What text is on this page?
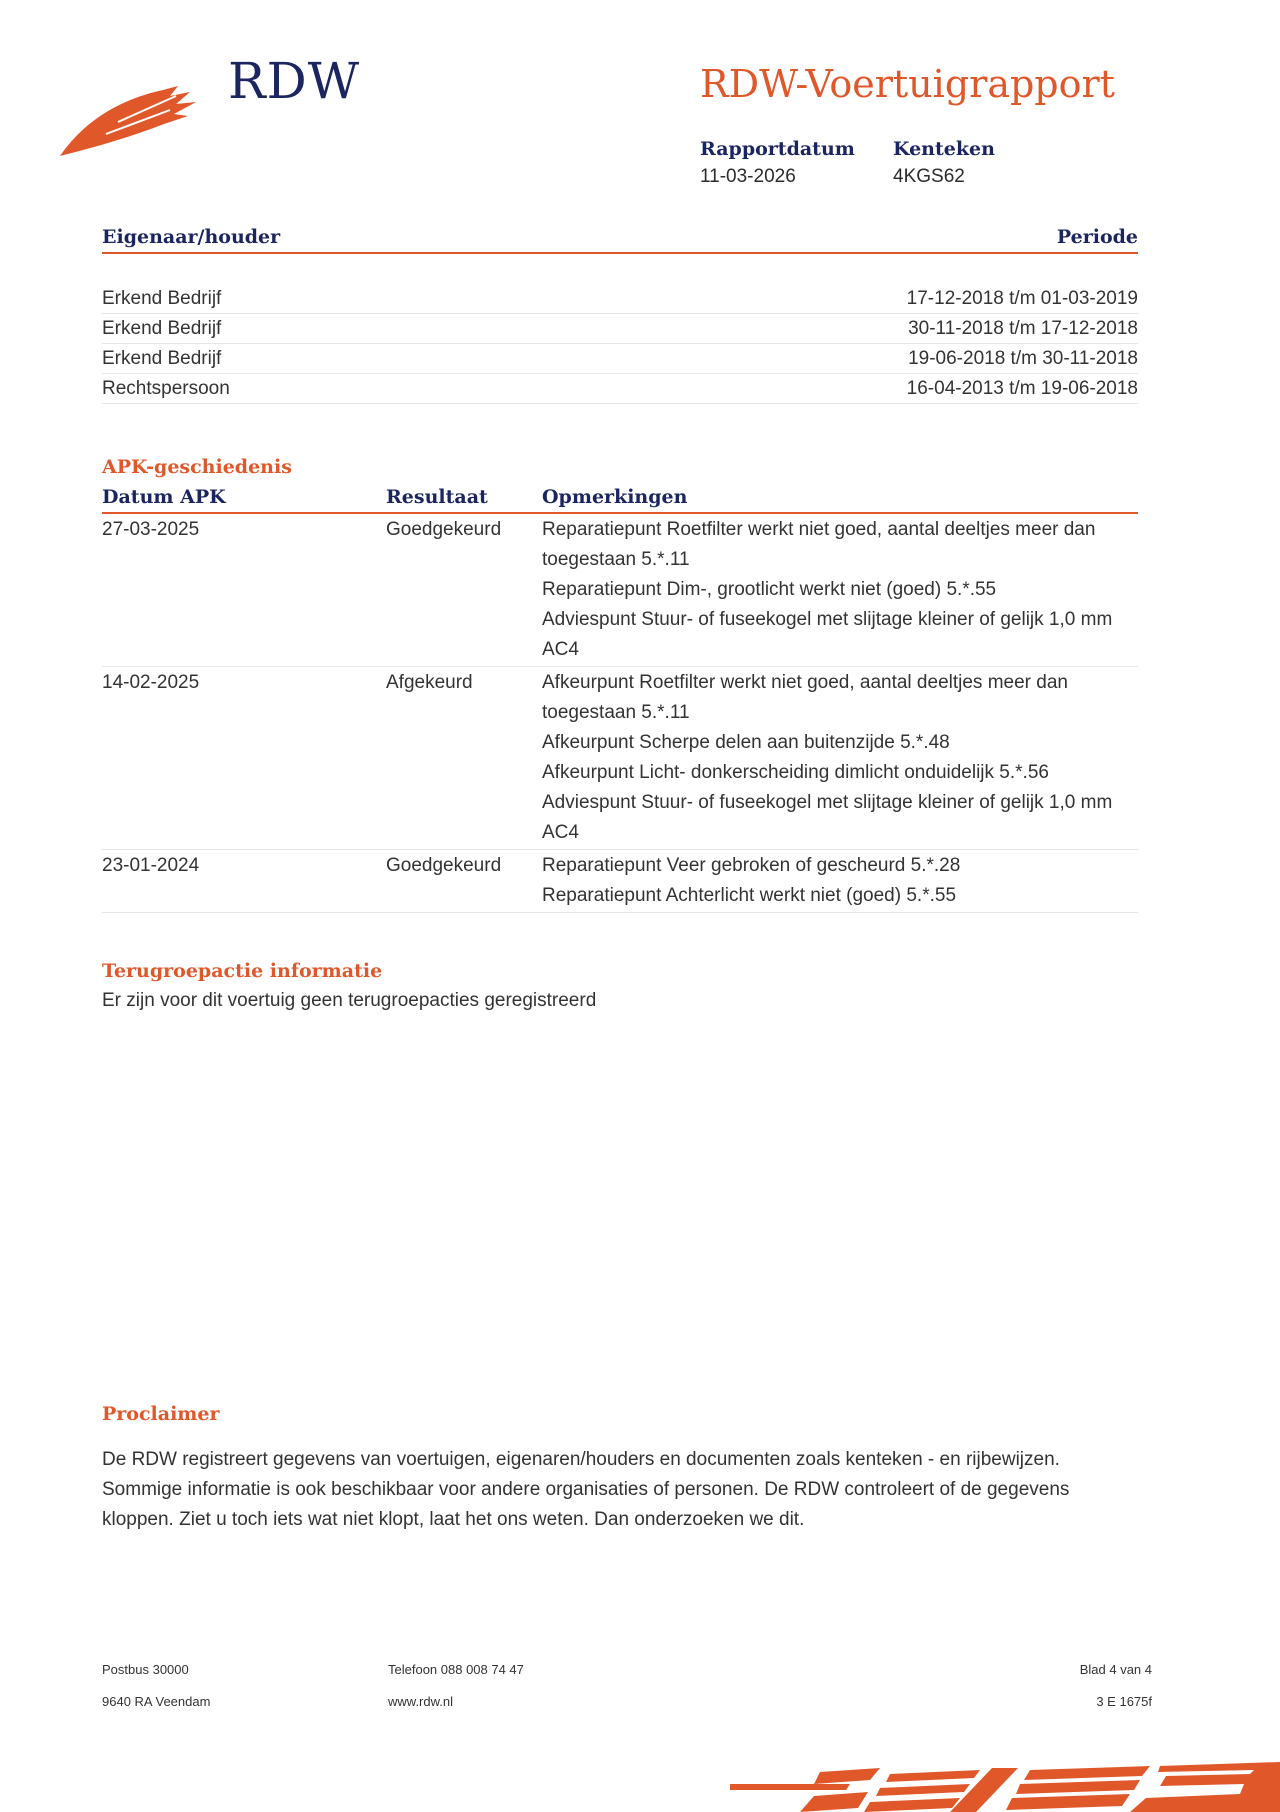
RDW	RDW-Voertuigrapport
Rapportdatum
11-03-2026
Kenteken
4KGS62
Eigenaar/houder	Periode
Erkend Bedrijf	17-12-2018 t/m 01-03-2019
Erkend Bedrijf	30-11-2018 t/m 17-12-2018
Erkend Bedrijf	19-06-2018 t/m 30-11-2018
Rechtspersoon	16-04-2013 t/m 19-06-2018
APK-geschiedenis
Datum APK	Resultaat	Opmerkingen
27-03-2025	Goedgekeurd	Reparatiepunt Roetfilter werkt niet goed, aantal deeltjes meer dan toegestaan 5.*.11
Reparatiepunt Dim-, grootlicht werkt niet (goed) 5.*.55
Adviespunt Stuur- of fuseekogel met slijtage kleiner of gelijk 1,0 mm AC4
14-02-2025	Afgekeurd	Afkeurpunt Roetfilter werkt niet goed, aantal deeltjes meer dan toegestaan 5.*.11
Afkeurpunt Scherpe delen aan buitenzijde 5.*.48
Afkeurpunt Licht- donkerscheiding dimlicht onduidelijk 5.*.56
Adviespunt Stuur- of fuseekogel met slijtage kleiner of gelijk 1,0 mm AC4
23-01-2024	Goedgekeurd	Reparatiepunt Veer gebroken of gescheurd 5.*.28
Reparatiepunt Achterlicht werkt niet (goed) 5.*.55
Terugroepactie informatie
Er zijn voor dit voertuig geen terugroepacties geregistreerd
Proclaimer
De RDW registreert gegevens van voertuigen, eigenaren/houders en documenten zoals kenteken - en rijbewijzen. Sommige informatie is ook beschikbaar voor andere organisaties of personen. De RDW controleert of de gegevens kloppen. Ziet u toch iets wat niet klopt, laat het ons weten. Dan onderzoeken we dit.
Postbus 30000
9640 RA Veendam
Telefoon 088 008 74 47
www.rdw.nl
Blad 4 van 4
3 E 1675f
